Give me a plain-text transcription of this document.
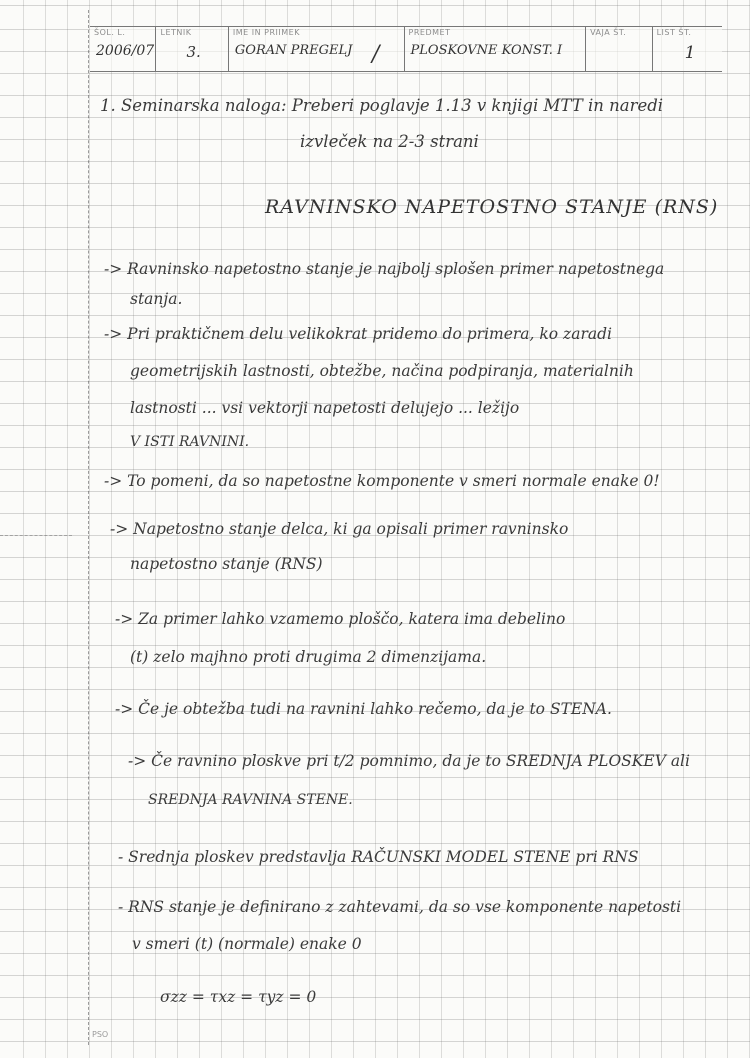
ŠOL. L.
2006/07
LETNIK
3.
IME IN PRIIMEK
GORAN PREGELJ
PREDMET
PLOSKOVNE KONST. I
VAJA ŠT.	LIST ŠT.
1
/
1. Seminarska naloga: Preberi poglavje 1.13 v knjigi MTT in naredi
izvleček na 2-3 strani
RAVNINSKO NAPETOSTNO STANJE (RNS)
-> Ravninsko napetostno stanje je najbolj splošen primer napetostnega
stanja.
-> Pri praktičnem delu velikokrat pridemo do primera, ko zaradi
geometrijskih lastnosti, obtežbe, načina podpiranja, materialnih
lastnosti ... vsi vektorji napetosti delujejo ... ležijo
V ISTI RAVNINI.
-> To pomeni, da so napetostne komponente v smeri normale enake 0!
-> Napetostno stanje delca, ki ga opisali primer ravninsko
napetostno stanje (RNS)
-> Za primer lahko vzamemo ploščo, katera ima debelino
(t) zelo majhno proti drugima 2 dimenzijama.
-> Če je obtežba tudi na ravnini lahko rečemo, da je to STENA.
-> Če ravnino ploskve pri t/2 pomnimo, da je to SREDNJA PLOSKEV ali
SREDNJA RAVNINA STENE.
- Srednja ploskev predstavlja RAČUNSKI MODEL STENE pri RNS
- RNS stanje je definirano z zahtevami, da so vse komponente napetosti
v smeri (t) (normale) enake 0
σzz = τxz = τyz = 0
PSO
